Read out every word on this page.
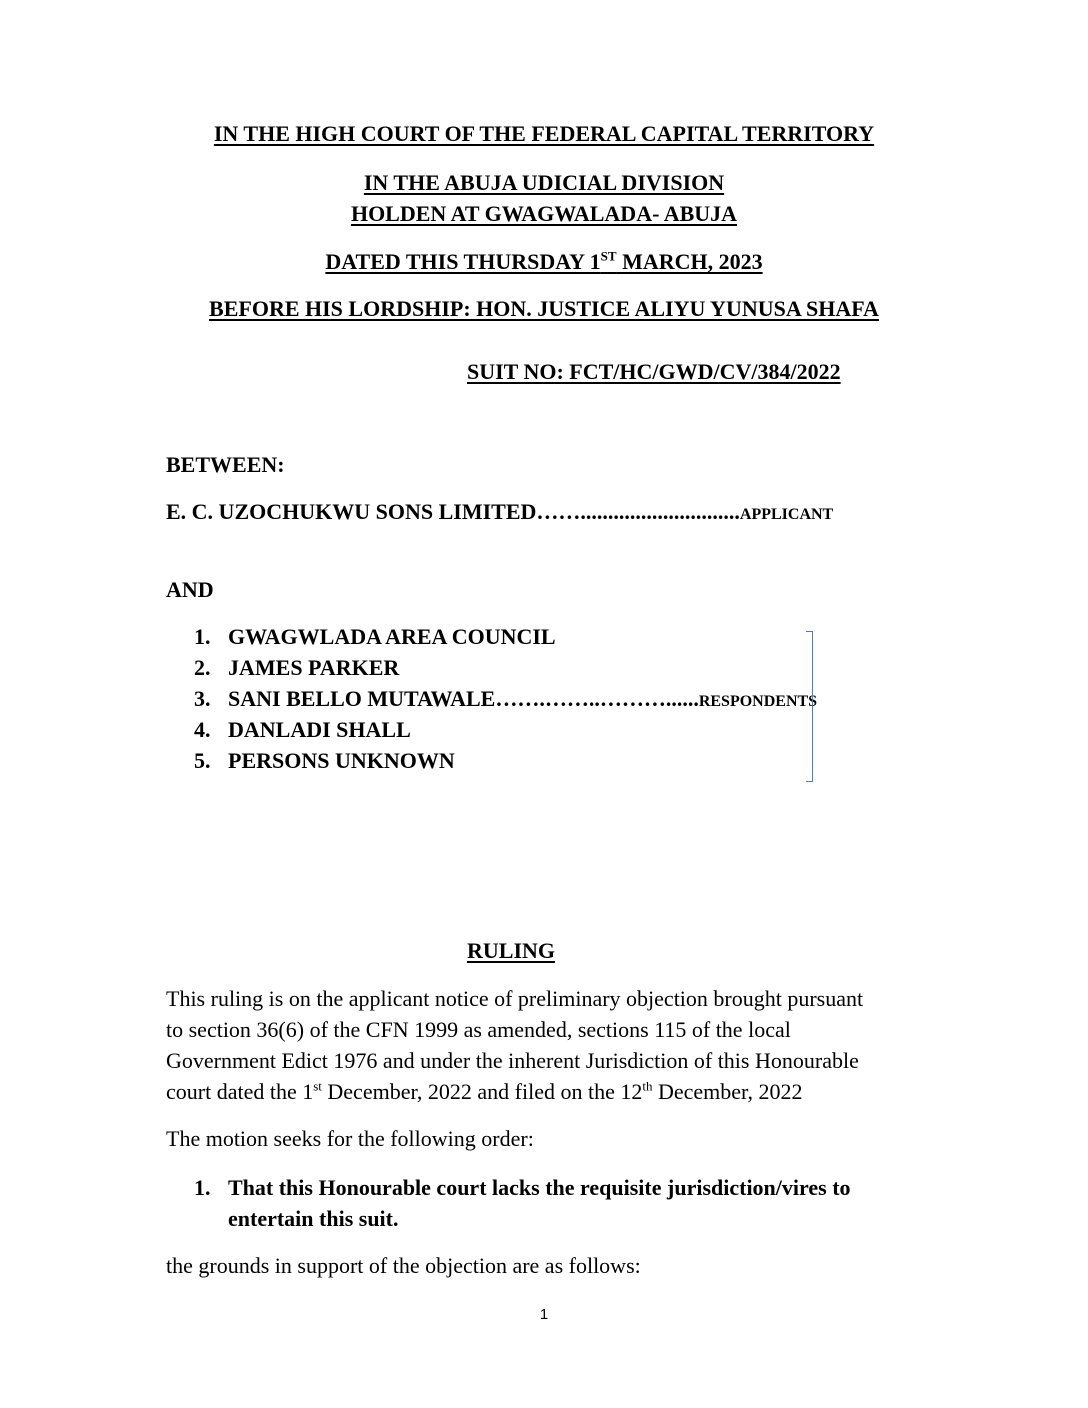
IN THE HIGH COURT OF THE FEDERAL CAPITAL TERRITORY
IN THE ABUJA UDICIAL DIVISION
HOLDEN AT GWAGWALADA- ABUJA
DATED THIS THURSDAY 1ST MARCH, 2023
BEFORE HIS LORDSHIP: HON. JUSTICE ALIYU YUNUSA SHAFA
SUIT NO: FCT/HC/GWD/CV/384/2022
BETWEEN:
E. C. UZOCHUKWU SONS LIMITED…….............................APPLICANT
AND
1. GWAGWLADA AREA COUNCIL
2. JAMES PARKER
3. SANI BELLO MUTAWALE…….……..………......RESPONDENTS
4. DANLADI SHALL
5. PERSONS UNKNOWN
RULING
This ruling is on the applicant notice of preliminary objection brought pursuant
to section 36(6) of the CFN 1999 as amended, sections 115 of the local
Government Edict 1976 and under the inherent Jurisdiction of this Honourable
court dated the 1st December, 2022 and filed on the 12th December, 2022
The motion seeks for the following order:
1. That this Honourable court lacks the requisite jurisdiction/vires to
entertain this suit.
the grounds in support of the objection are as follows:
1
